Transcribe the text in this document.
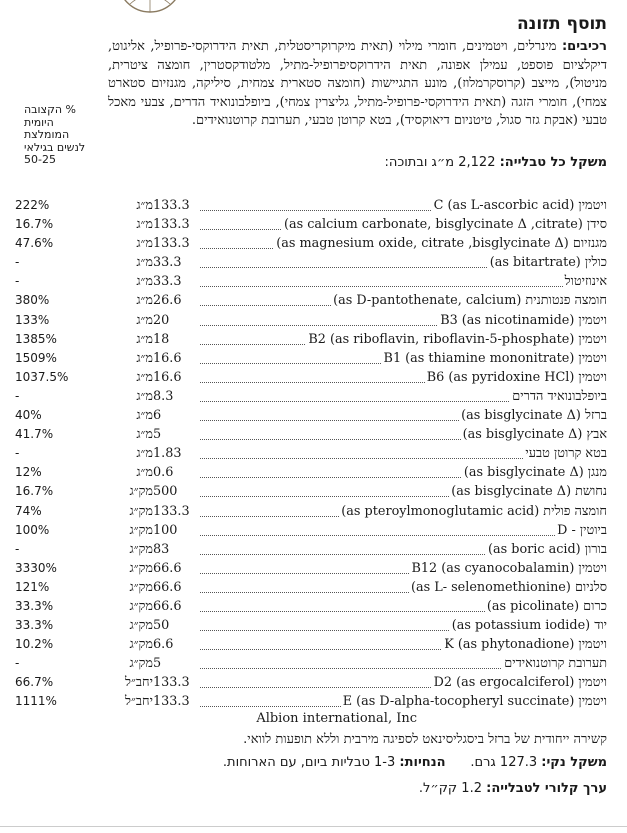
תוסף תזונה
רכיבים: מינרלים, ויטמינים, חומרי מילוי (תאית מיקרוקריסטלית, תאית הידרוקסי-פרופיל, אליגוט, דיקלציום פוספט, עמילן אפונה, תאית הידרוקסיפרופיל-מתיל, מלטודקסטרין, חומצה ציטרית, מניטול), מייצב (קרוסקרמלוז), מונע התגיישות (חומצה סטארית צמחית, סיליקה, מגנזיום סטארט צמחי), חומרי הזגה (תאית הידרוקסי-פרופיל-מתיל, גליצרין צמחי), ביופלבונואיד הדרים, צבעי מאכל טבעי (אבקת גזר סגול, טיטניום דיאוקסיד), בטא קרוטן טבעי, תערובת קרוטנואידים.
משקל כל טבלייה: 2,122 מ״ג ובתוכה:
% הקצובה היומית המומלצת לנשים בגילאי 50-25
ויטמין C (as L-ascorbic acid)
133.3
מ״ג
222%
סידן (as calcium carbonate, bisglycinate Δ ,citrate)
133.3
מ״ג
16.7%
מגנזיום (as magnesium oxide, citrate ,bisglycinate Δ)
133.3
מ״ג
47.6%
כולין (as bitartrate)
33.3
מ״ג
-
אינוזיטול
33.3
מ״ג
-
חומצה פנטותנית (as D-pantothenate, calcium)
26.6
מ״ג
380%
ויטמין B3 (as nicotinamide)
20
מ״ג
133%
ויטמין B2 (as riboflavin, riboflavin-5-phosphate)
18
מ״ג
1385%
ויטמין B1 (as thiamine mononitrate)
16.6
מ״ג
1509%
ויטמין B6 (as pyridoxine HCl)
16.6
מ״ג
1037.5%
ביופלבונואיד הדרים
8.3
מ״ג
-
ברזל (as bisglycinate Δ)
6
מ״ג
40%
אבץ (as bisglycinate Δ)
5
מ״ג
41.7%
בטא קרוטן טבעי
1.83
מ״ג
-
מנגן (as bisglycinate Δ)
0.6
מ״ג
12%
נחושת (as bisglycinate Δ)
500
מק״ג
16.7%
חומצה פולית (as pteroylmonoglutamic acid)
133.3
מק״ג
74%
ביוטין - D
100
מק״ג
100%
בורון (as boric acid)
83
מק״ג
-
ויטמין B12 (as cyanocobalamin)
66.6
מק״ג
3330%
סלניום (as L- selenomethionine)
66.6
מק״ג
121%
כרום (as picolinate)
66.6
מק״ג
33.3%
יוד (as potassium iodide)
50
מק״ג
33.3%
ויטמין K (as phytonadione)
6.6
מק״ג
10.2%
תערובת קרוטנואידים
5
מק״ג
-
ויטמין D2 (as ergocalciferol)
133.3
יחב״ל
66.7%
ויטמין E (as D-alpha-tocopheryl succinate)
133.3
יחב״ל
1111%
Albion international, Inc
קשירה ייחודית של ברזל ביסגליסינאט לספיגה מירבית וללא תופעות לוואי.
משקל נקי: 127.3 גרם.      הנחיות: 1-3 טבליות ביום, עם הארוחות.
ערך קלורי לטבלייה: 1.2 קק״ל.
